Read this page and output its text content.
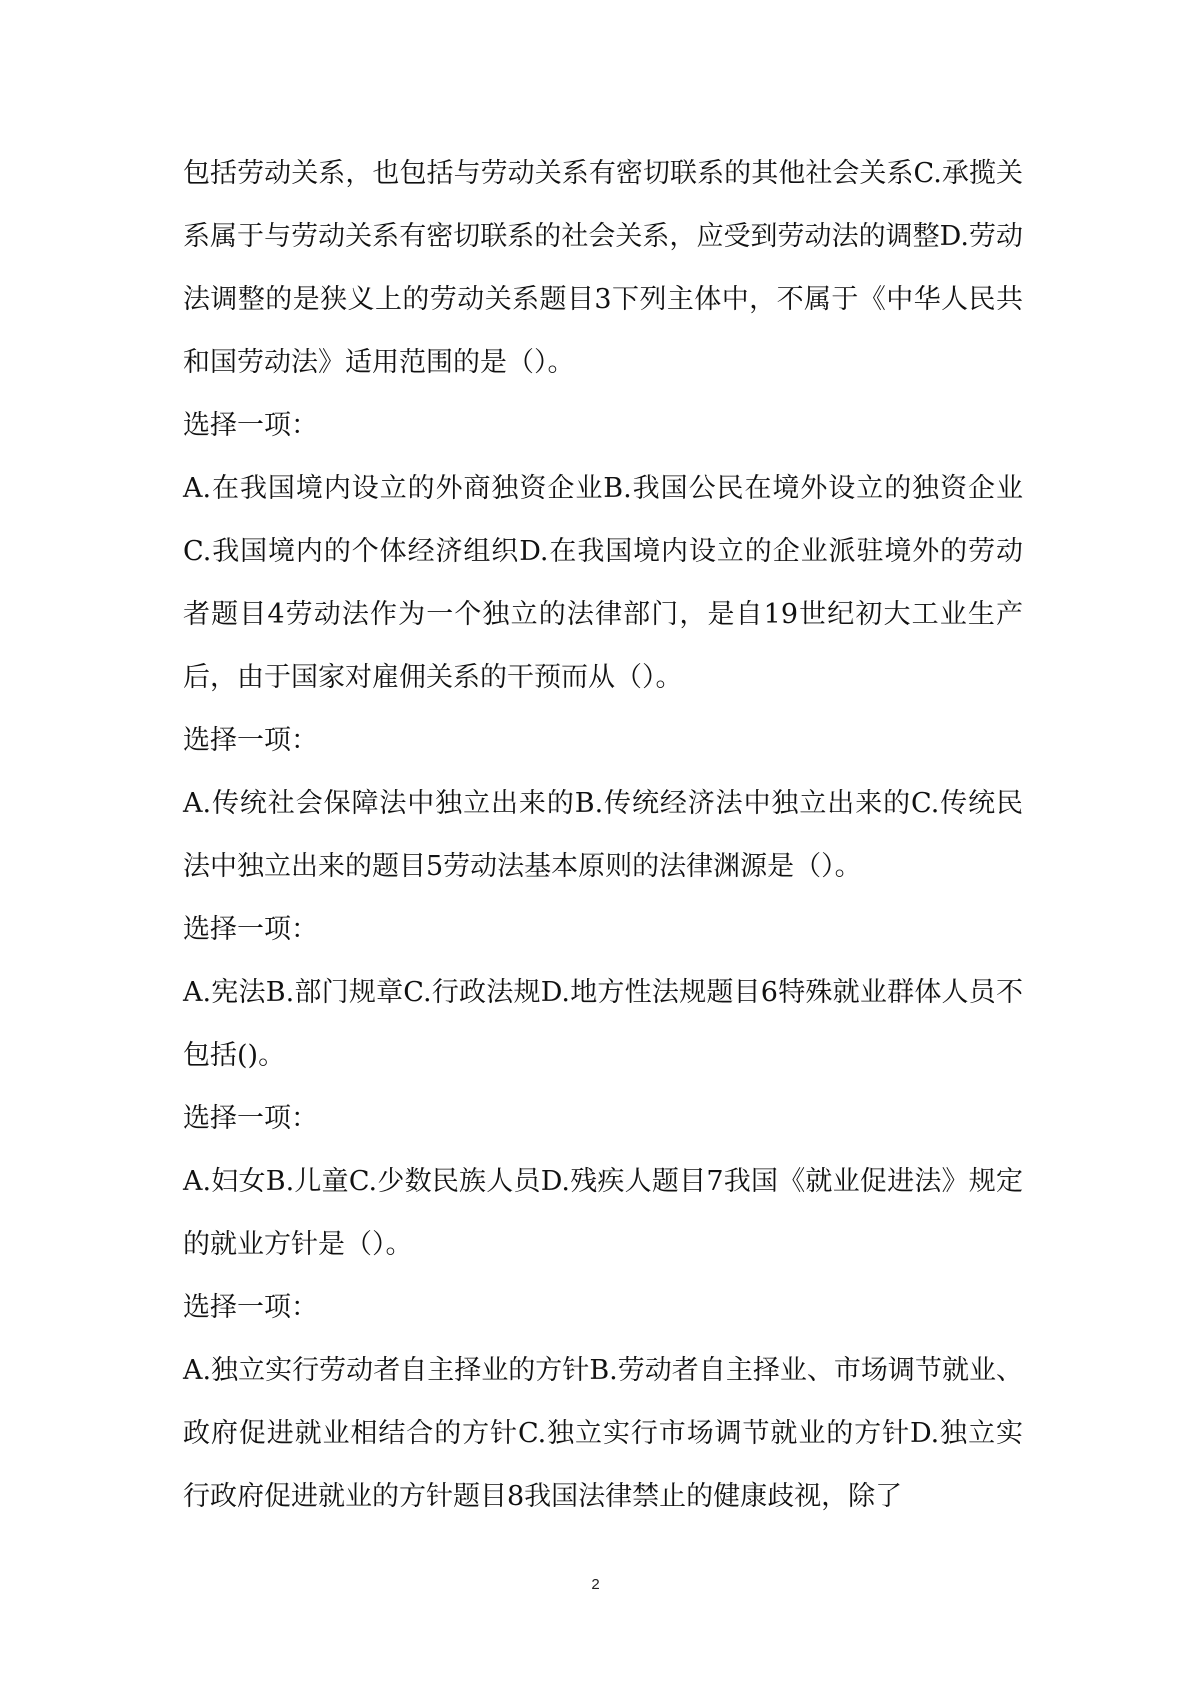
包括劳动关系，也包括与劳动关系有密切联系的其他社会关系C.承揽关系属于与劳动关系有密切联系的社会关系，应受到劳动法的调整D.劳动法调整的是狭义上的劳动关系题目3下列主体中，不属于《中华人民共和国劳动法》适用范围的是（）。

选择一项：

A.在我国境内设立的外商独资企业B.我国公民在境外设立的独资企业C.我国境内的个体经济组织D.在我国境内设立的企业派驻境外的劳动者题目4劳动法作为一个独立的法律部门，是自19世纪初大工业生产后，由于国家对雇佣关系的干预而从（）。

选择一项：

A.传统社会保障法中独立出来的B.传统经济法中独立出来的C.传统民法中独立出来的题目5劳动法基本原则的法律渊源是（）。

选择一项：

A.宪法B.部门规章C.行政法规D.地方性法规题目6特殊就业群体人员不包括()。

选择一项：

A.妇女B.儿童C.少数民族人员D.残疾人题目7我国《就业促进法》规定的就业方针是（）。

选择一项：

A.独立实行劳动者自主择业的方针B.劳动者自主择业、市场调节就业、政府促进就业相结合的方针C.独立实行市场调节就业的方针D.独立实行政府促进就业的方针题目8我国法律禁止的健康歧视，除了

2
